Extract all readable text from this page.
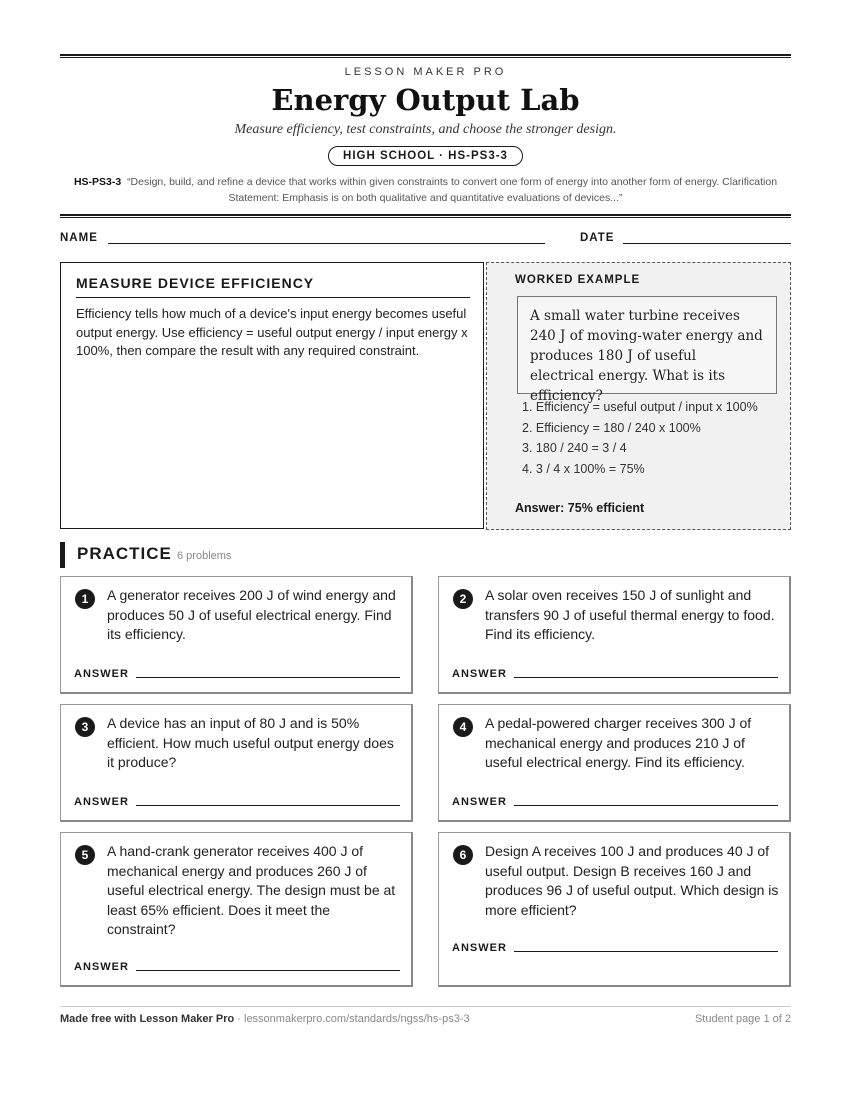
LESSON MAKER PRO
Energy Output Lab
Measure efficiency, test constraints, and choose the stronger design.
HIGH SCHOOL · HS-PS3-3
HS-PS3-3 “Design, build, and refine a device that works within given constraints to convert one form of energy into another form of energy. Clarification Statement: Emphasis is on both qualitative and quantitative evaluations of devices...”
NAME	DATE
MEASURE DEVICE EFFICIENCY
Efficiency tells how much of a device's input energy becomes useful output energy. Use efficiency = useful output energy / input energy x 100%, then compare the result with any required constraint.
WORKED EXAMPLE
A small water turbine receives 240 J of moving-water energy and produces 180 J of useful electrical energy. What is its efficiency?
1. Efficiency = useful output / input x 100%
2. Efficiency = 180 / 240 x 100%
3. 180 / 240 = 3 / 4
4. 3 / 4 x 100% = 75%
Answer: 75% efficient
PRACTICE 6 problems
1	A generator receives 200 J of wind energy and produces 50 J of useful electrical energy. Find its efficiency.
ANSWER
2	A solar oven receives 150 J of sunlight and transfers 90 J of useful thermal energy to food. Find its efficiency.
ANSWER
3	A device has an input of 80 J and is 50% efficient. How much useful output energy does it produce?
ANSWER
4	A pedal-powered charger receives 300 J of mechanical energy and produces 210 J of useful electrical energy. Find its efficiency.
ANSWER
5	A hand-crank generator receives 400 J of mechanical energy and produces 260 J of useful electrical energy. The design must be at least 65% efficient. Does it meet the constraint?
ANSWER
6	Design A receives 100 J and produces 40 J of useful output. Design B receives 160 J and produces 96 J of useful output. Which design is more efficient?
ANSWER
Made free with Lesson Maker Pro · lessonmakerpro.com/standards/ngss/hs-ps3-3	Student page 1 of 2
